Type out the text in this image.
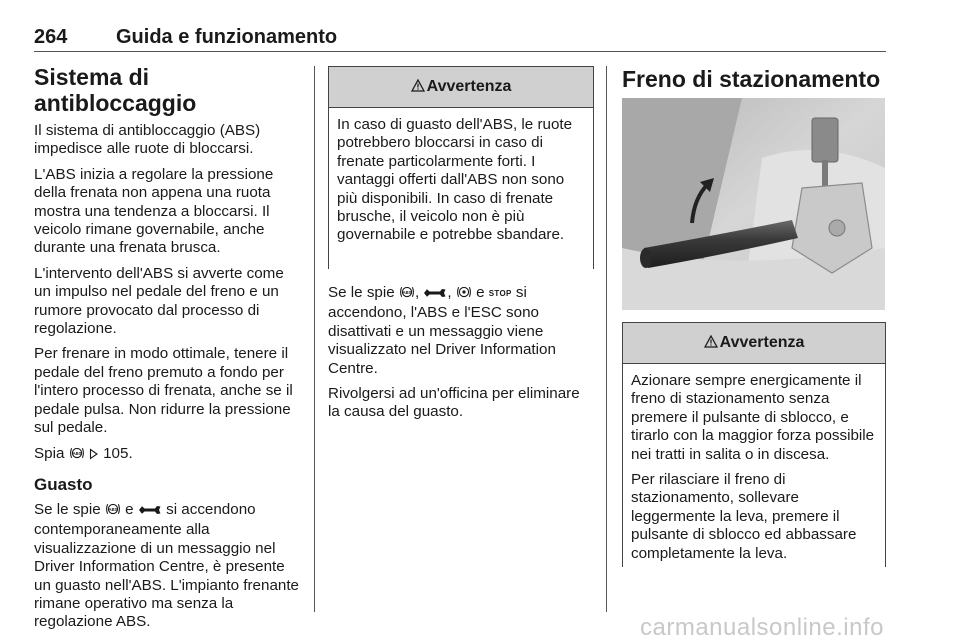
264 Guida e funzionamento
Sistema di antibloccaggio

Il sistema di antibloccaggio (ABS) impedisce alle ruote di bloccarsi.

L'ABS inizia a regolare la pressione della frenata non appena una ruota mostra una tendenza a bloccarsi. Il veicolo rimane governabile, anche durante una frenata brusca.

L'intervento dell'ABS si avverte come un impulso nel pedale del freno e un rumore provocato dal processo di regolazione.

Per frenare in modo ottimale, tenere il pedale del freno premuto a fondo per l'intero processo di frenata, anche se il pedale pulsa. Non ridurre la pressione sul pedale.

Spia ABS 105.

Guasto

Se le spie ABS e si accendono contemporaneamente alla visualizzazione di un messaggio nel Driver Information Centre, è presente un guasto nell'ABS. L'impianto frenante rimane operativo ma senza la regolazione ABS.

Avvertenza

In caso di guasto dell'ABS, le ruote potrebbero bloccarsi in caso di frenate particolarmente forti. I vantaggi offerti dall'ABS non sono più disponibili. In caso di frenate brusche, il veicolo non è più governabile e potrebbe sbandare.

Se le spie ABS , , e STOP si accendono, l'ABS e l'ESC sono disattivati e un messaggio viene visualizzato nel Driver Information Centre.

Rivolgersi ad un'officina per eliminare la causa del guasto.

Freno di stazionamento
Avvertenza

Azionare sempre energicamente il freno di stazionamento senza premere il pulsante di sblocco, e tirarlo con la maggior forza possibile nei tratti in salita o in discesa.

Per rilasciare il freno di stazionamento, sollevare leggermente la leva, premere il pulsante di sblocco ed abbassare completamente la leva.

carmanualsonline.info
